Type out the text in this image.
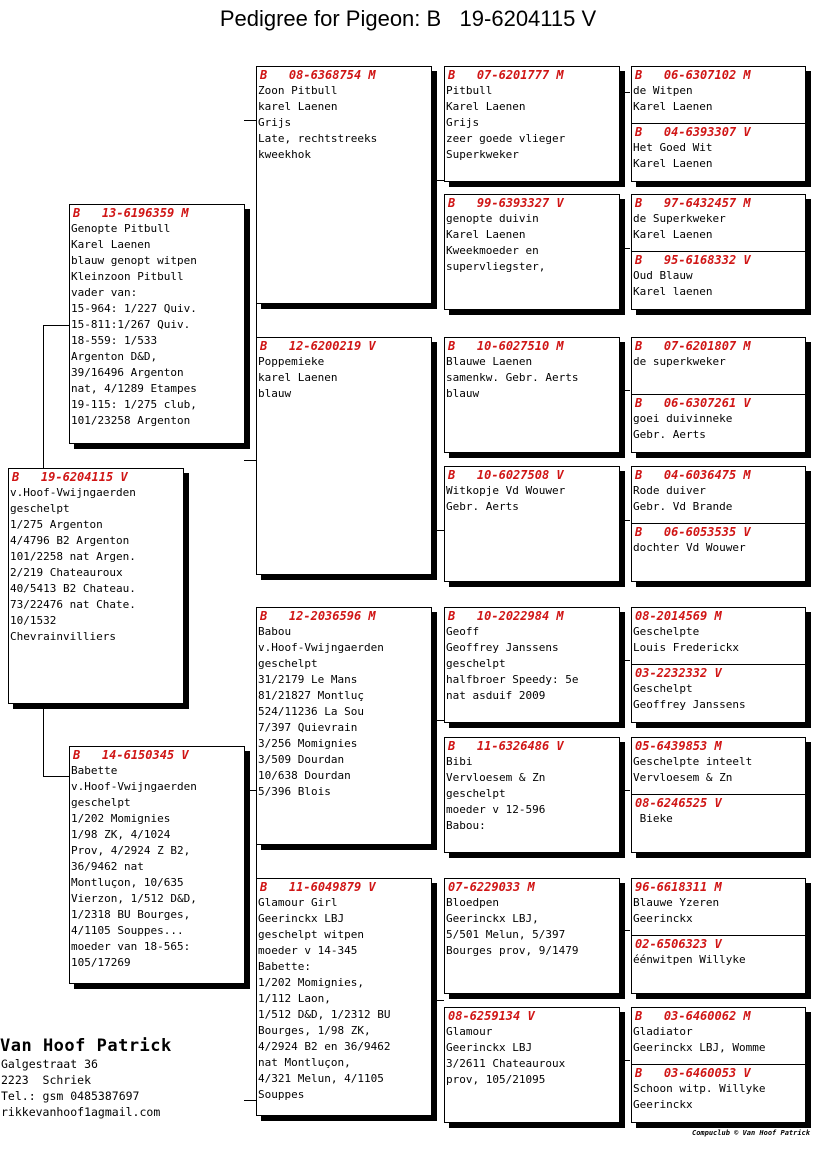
Pedigree for Pigeon: B 19-6204115 V
B 19-6204115 V
v.Hoof-Vwijngaerden
geschelpt
1/275 Argenton
4/4796 B2 Argenton
101/2258 nat Argen.
2/219 Chateauroux
40/5413 B2 Chateau.
73/22476 nat Chate.
10/1532
Chevrainvilliers
B 13-6196359 M
Genopte Pitbull
Karel Laenen
blauw genopt witpen
Kleinzoon Pitbull
vader van:
15-964: 1/227 Quiv.
15-811:1/267 Quiv.
18-559: 1/533
Argenton D&D,
39/16496 Argenton
nat, 4/1289 Etampes
19-115: 1/275 club,
101/23258 Argenton
B 14-6150345 V
Babette
v.Hoof-Vwijngaerden
geschelpt
1/202 Momignies
1/98 ZK, 4/1024
Prov, 4/2924 Z B2,
36/9462 nat
Montluçon, 10/635
Vierzon, 1/512 D&D,
1/2318 BU Bourges,
4/1105 Souppes...
moeder van 18-565:
105/17269
B 08-6368754 M
Zoon Pitbull
karel Laenen
Grijs
Late, rechtstreeks
kweekhok
B 12-6200219 V
Poppemieke
karel Laenen
blauw
B 12-2036596 M
Babou
v.Hoof-Vwijngaerden
geschelpt
31/2179 Le Mans
81/21827 Montluç
524/11236 La Sou
7/397 Quievrain
3/256 Momignies
3/509 Dourdan
10/638 Dourdan
5/396 Blois
B 11-6049879 V
Glamour Girl
Geerinckx LBJ
geschelpt witpen
moeder v 14-345
Babette:
1/202 Momignies,
1/112 Laon,
1/512 D&D, 1/2312 BU
Bourges, 1/98 ZK,
4/2924 B2 en 36/9462
nat Montluçon,
4/321 Melun, 4/1105
Souppes
B 07-6201777 M
Pitbull
Karel Laenen
Grijs
zeer goede vlieger
Superkweker
B 99-6393327 V
genopte duivin
Karel Laenen
Kweekmoeder en
supervliegster,
B 10-6027510 M
Blauwe Laenen
samenkw. Gebr. Aerts
blauw
B 10-6027508 V
Witkopje Vd Wouwer
Gebr. Aerts
B 10-2022984 M
Geoff
Geoffrey Janssens
geschelpt
halfbroer Speedy: 5e
nat asduif 2009
B 11-6326486 V
Bibi
Vervloesem & Zn
geschelpt
moeder v 12-596
Babou:
07-6229033 M
Bloedpen
Geerinckx LBJ,
5/501 Melun, 5/397
Bourges prov, 9/1479
08-6259134 V
Glamour
Geerinckx LBJ
3/2611 Chateauroux
prov, 105/21095
B 06-6307102 M
de Witpen
Karel Laenen
B 04-6393307 V
Het Goed Wit
Karel Laenen
B 97-6432457 M
de Superkweker
Karel Laenen
B 95-6168332 V
Oud Blauw
Karel laenen
B 07-6201807 M
de superkweker
B 06-6307261 V
goei duivinneke
Gebr. Aerts
B 04-6036475 M
Rode duiver
Gebr. Vd Brande
B 06-6053535 V
dochter Vd Wouwer
08-2014569 M
Geschelpte
Louis Frederickx
03-2232332 V
Geschelpt
Geoffrey Janssens
05-6439853 M
Geschelpte inteelt
Vervloesem & Zn
08-6246525 V
Bieke
96-6618311 M
Blauwe Yzeren
Geerinckx
02-6506323 V
éénwitpen Willyke
B 03-6460062 M
Gladiator
Geerinckx LBJ, Womme
B 03-6460053 V
Schoon witp. Willyke
Geerinckx
Van Hoof Patrick
Galgestraat 36
2223  Schriek
Tel.: gsm 0485387697
rikkevanhoof1agmail.com
Compuclub © Van Hoof Patrick
